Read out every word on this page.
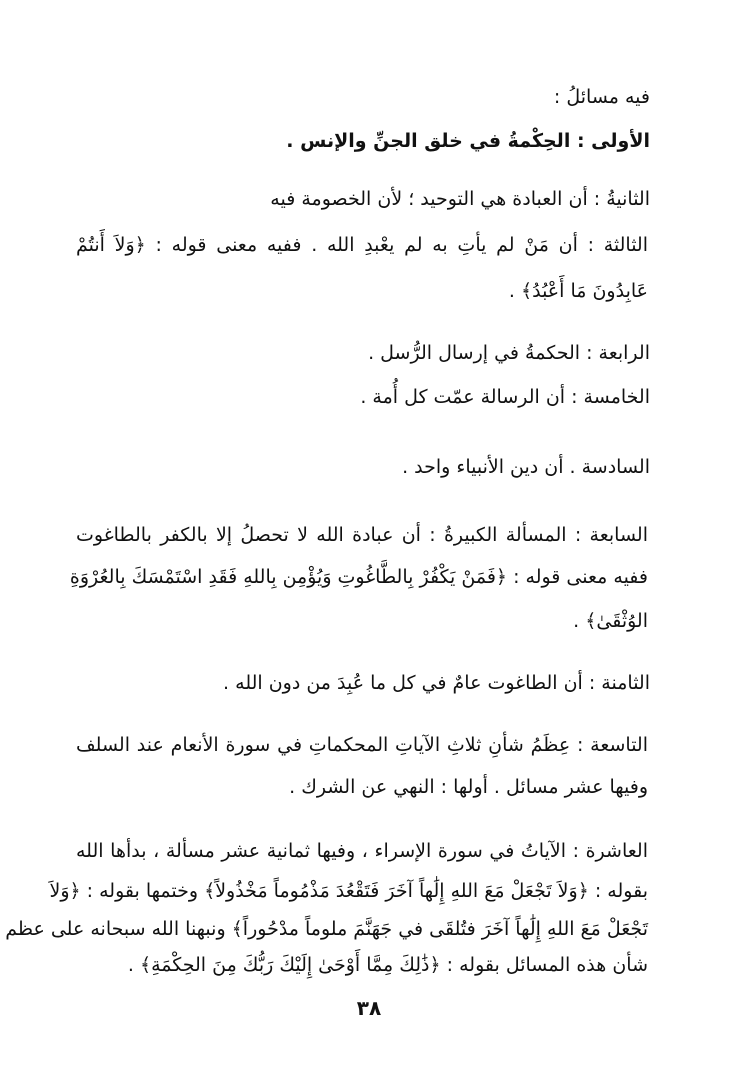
فيه مسائلُ :
الأولى : الحِكْمةُ في خلق الجنِّ والإنس .
الثانيةُ : أن العبادة هي التوحيد ؛ لأن الخصومة فيه
الثالثة : أن مَنْ لم يأتِ به لم يعْبدِ الله . ففيه معنى قوله : ﴿وَلاَ أَنتُمْ
عَابِدُونَ مَا أَعْبُدُ﴾ .
الرابعة : الحكمةُ في إرسال الرُّسل .
الخامسة : أن الرسالة عمّت كل أُمة .
السادسة . أن دين الأنبياء واحد .
السابعة : المسألة الكبيرةُ : أن عبادة الله لا تحصلُ إلا بالكفر بالطاغوت
ففيه معنى قوله : ﴿فَمَنْ يَكْفُرْ بِالطَّاغُوتِ وَيُؤْمِن بِاللهِ فَقَدِ اسْتَمْسَكَ بِالعُرْوَةِ
الوُثْقَىٰ﴾ .
الثامنة : أن الطاغوت عامٌ في كل ما عُبِدَ من دون الله .
التاسعة : عِظَمُ شأنِ ثلاثِ الآياتِ المحكماتِ في سورة الأنعام عند السلف
وفيها عشر مسائل . أولها : النهي عن الشرك .
العاشرة : الآياتُ في سورة الإسراء ، وفيها ثمانية عشر مسألة ، بدأها الله
بقوله : ﴿وَلاَ تَجْعَلْ مَعَ اللهِ إِلَٰهاً آخَرَ فَتَقْعُدَ مَذْمُوماً مَخْذُولاً﴾ وختمها بقوله : ﴿وَلاَ
تَجْعَلْ مَعَ اللهِ إِلَٰهاً آخَرَ فتُلقَى في جَهَنَّمَ ملوماً مدْحُوراً﴾ ونبهنا الله سبحانه على عظم
شأن هذه المسائل بقوله : ﴿ذَٰلِكَ مِمَّا أَوْحَىٰ إِلَيْكَ رَبُّكَ مِنَ الحِكْمَةِ﴾ .
٣٨
